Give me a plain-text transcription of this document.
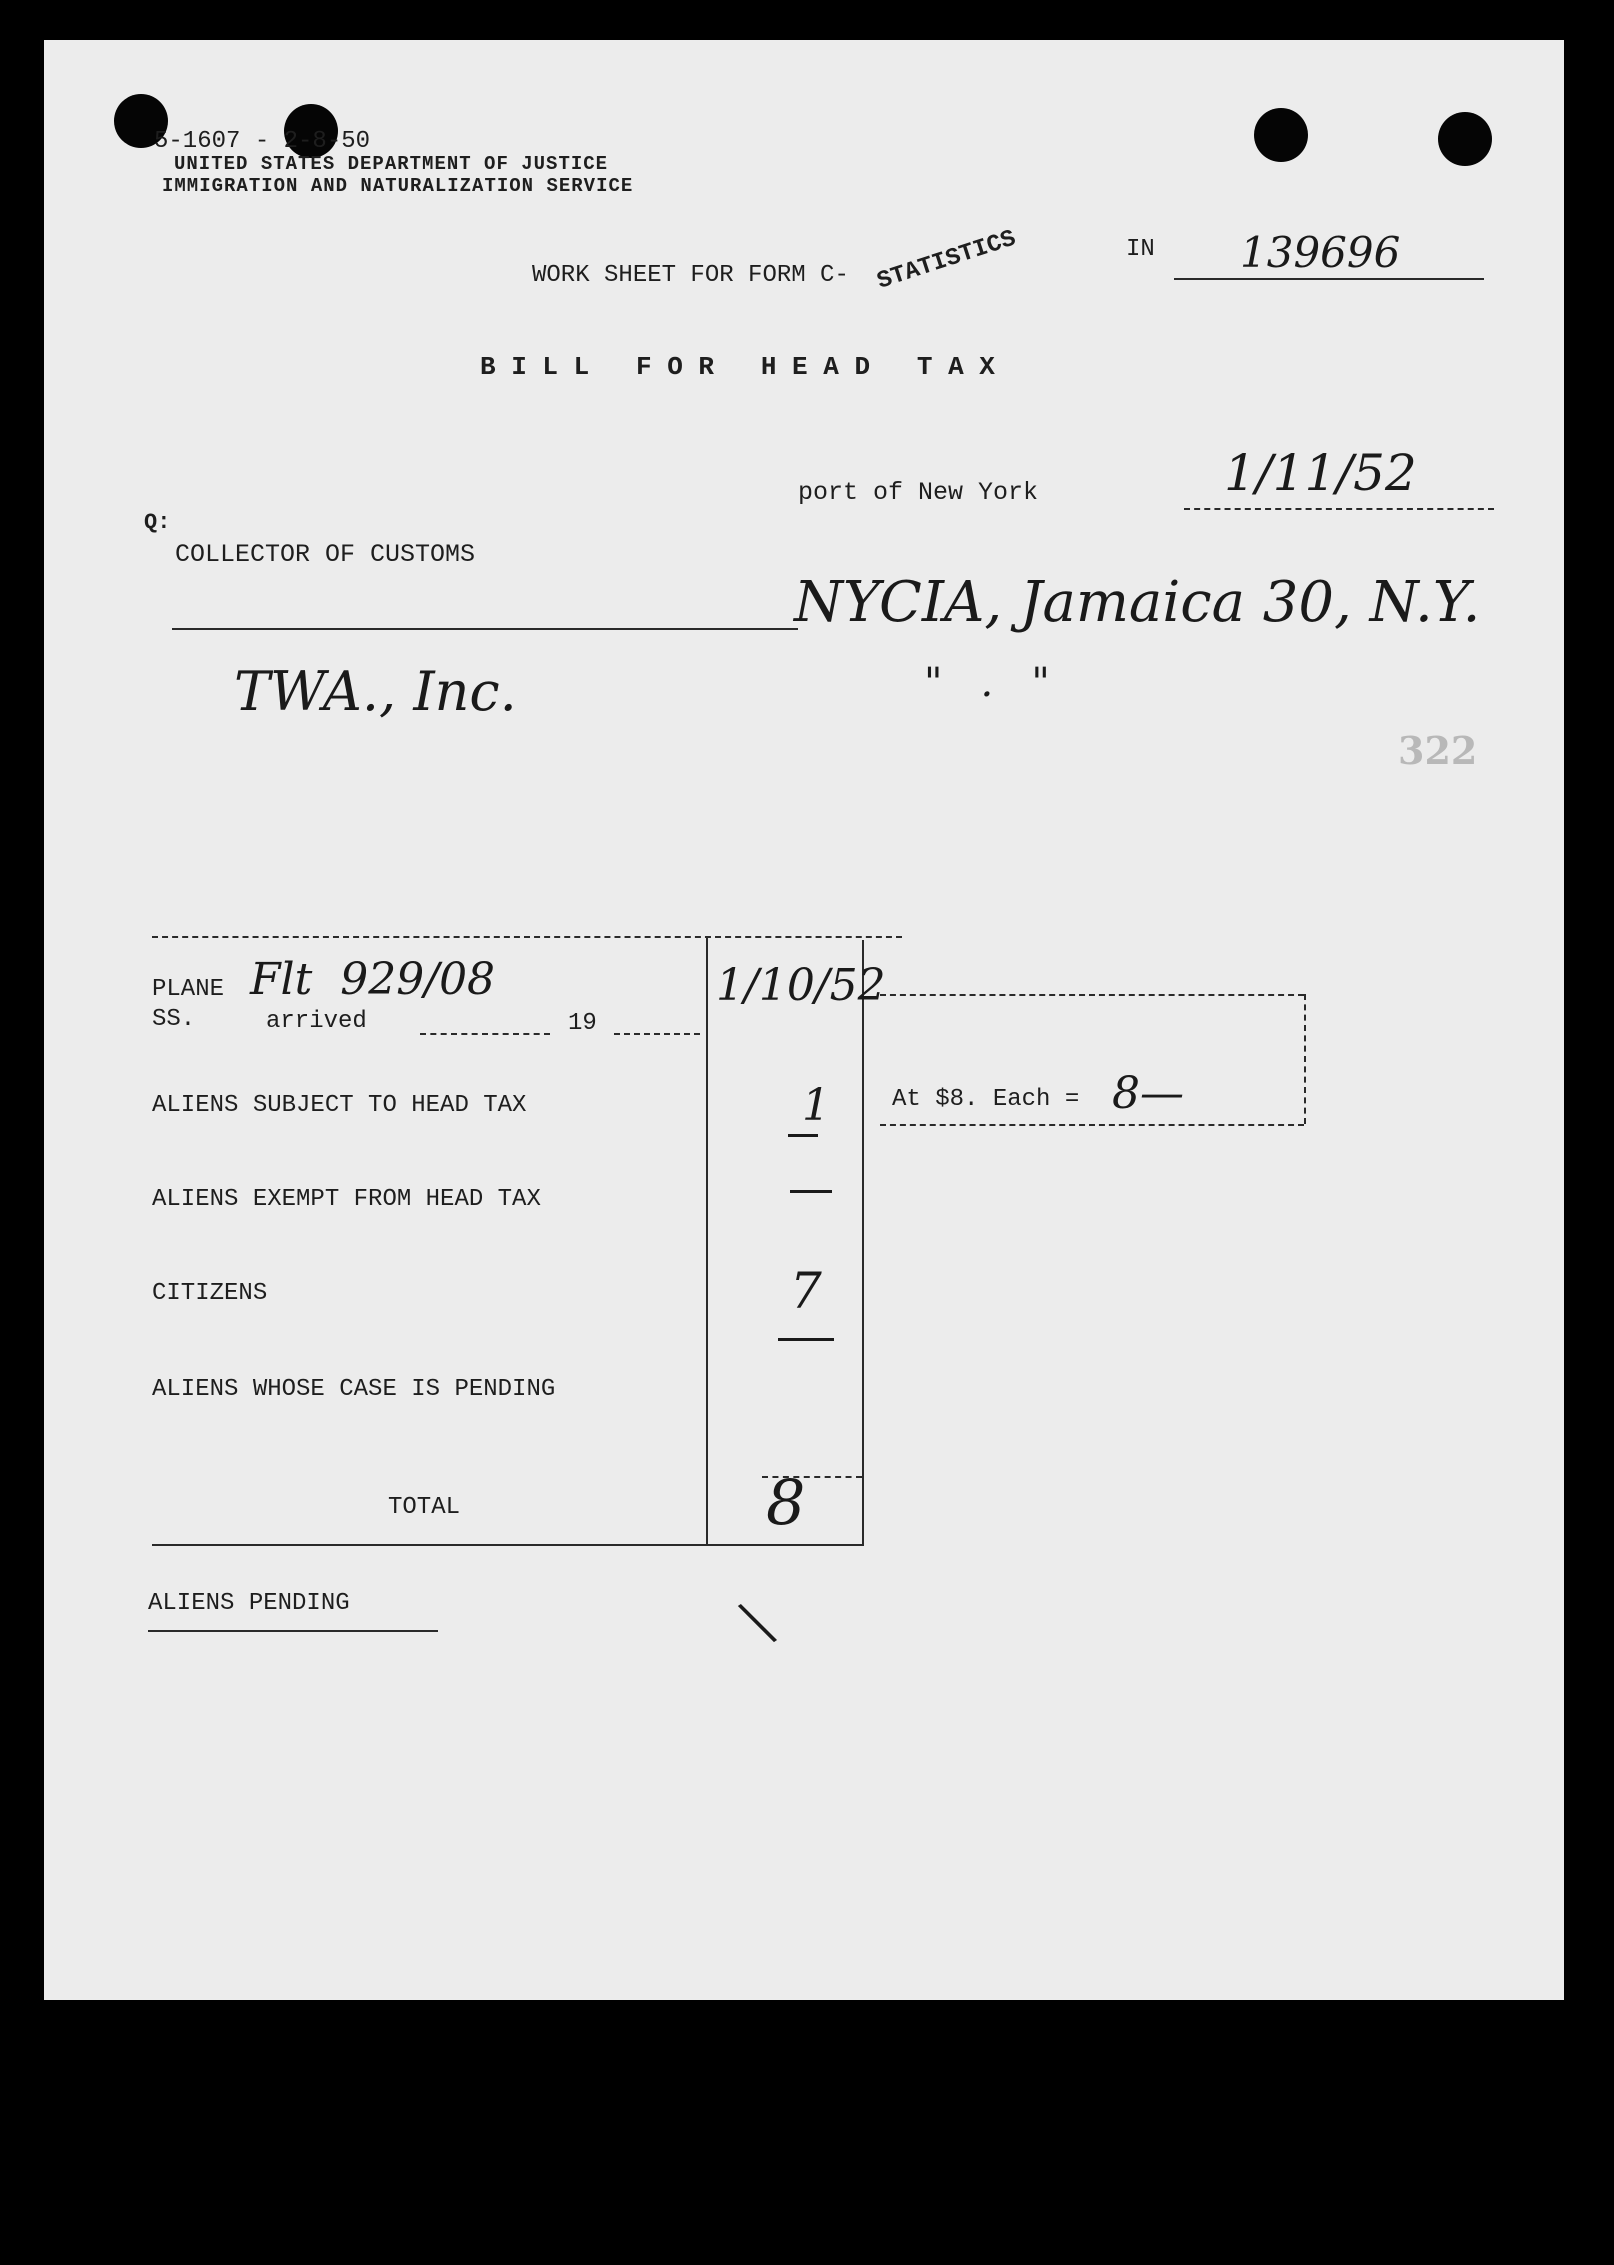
5-1607 - 2-8-50
UNITED STATES DEPARTMENT OF JUSTICE
IMMIGRATION AND NATURALIZATION SERVICE
WORK SHEET FOR FORM C- STATISTICS	IN 139696
B I L L   F O R   H E A D   T A X
port of New York	1/11/52
Q:
COLLECTOR OF CUSTOMS
NYCIA, Jamaica 30, N.Y.
TWA., Inc.	"   .   "
322
PLANE Flt  929/08
SS.	arrived	19
1/10/52
ALIENS SUBJECT TO HEAD TAX	1
ALIENS EXEMPT FROM HEAD TAX
CITIZENS	7
ALIENS WHOSE CASE IS PENDING
TOTAL	8
At $8. Each = 8—
ALIENS PENDING	—
